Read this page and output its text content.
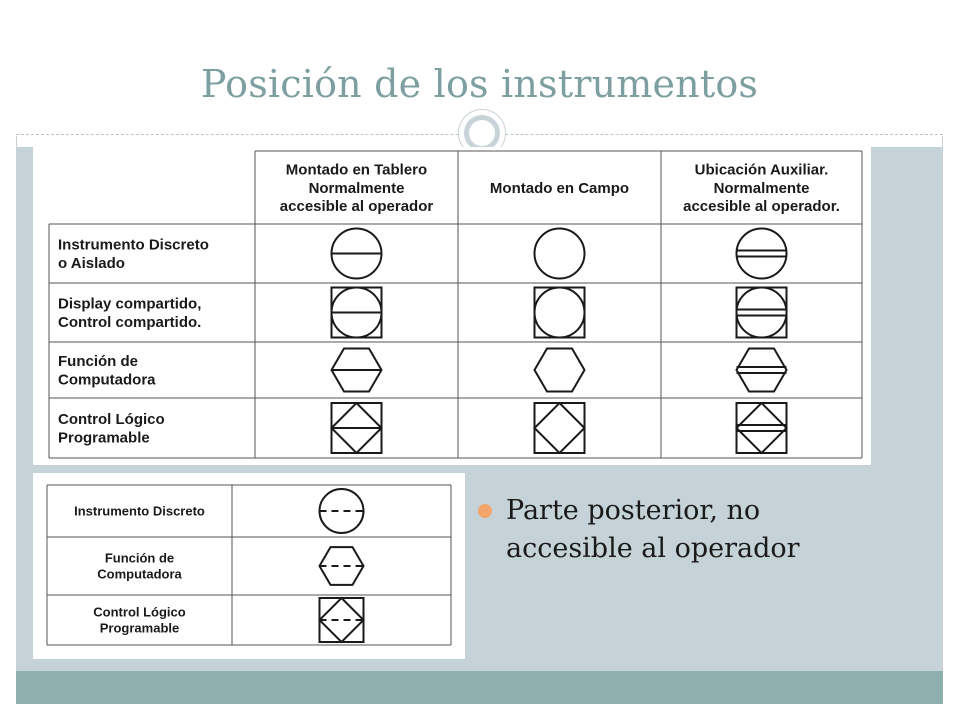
Posición de los instrumentos
Montado en Tablero
Normalmente
accesible al operador
Montado en Campo
Ubicación Auxiliar.
Normalmente
accesible al operador.
Instrumento Discreto
o Aislado
Display compartido,
Control compartido.
Función de
Computadora
Control Lógico
Programable
Instrumento Discreto
Función de
Computadora
Control Lógico
Programable
Parte posterior, no
accesible al operador
